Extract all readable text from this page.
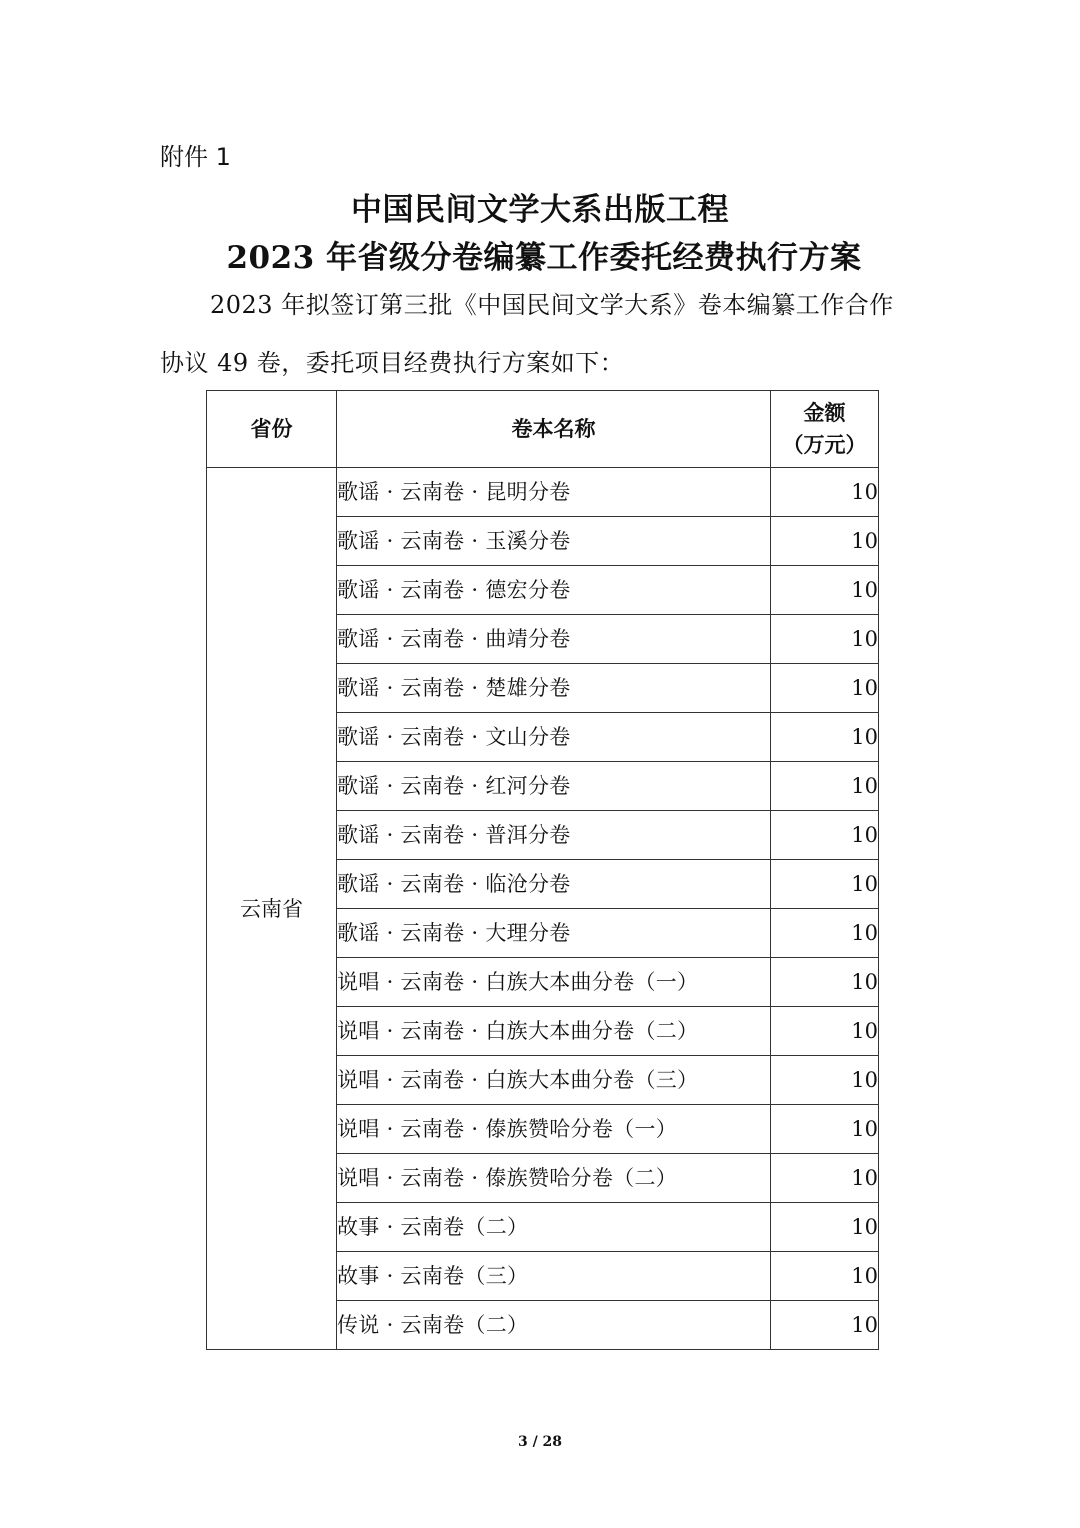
附件 1
中国民间文学大系出版工程
2023 年省级分卷编纂工作委托经费执行方案
2023 年拟签订第三批《中国民间文学大系》卷本编纂工作合作
协议 49 卷，委托项目经费执行方案如下：
省份	卷本名称	金额
（万元）

云南省	歌谣 · 云南卷 · 昆明分卷	10
	歌谣 · 云南卷 · 玉溪分卷	10
	歌谣 · 云南卷 · 德宏分卷	10
	歌谣 · 云南卷 · 曲靖分卷	10
	歌谣 · 云南卷 · 楚雄分卷	10
	歌谣 · 云南卷 · 文山分卷	10
	歌谣 · 云南卷 · 红河分卷	10
	歌谣 · 云南卷 · 普洱分卷	10
	歌谣 · 云南卷 · 临沧分卷	10
	歌谣 · 云南卷 · 大理分卷	10
	说唱 · 云南卷 · 白族大本曲分卷（一）	10
	说唱 · 云南卷 · 白族大本曲分卷（二）	10
	说唱 · 云南卷 · 白族大本曲分卷（三）	10
	说唱 · 云南卷 · 傣族赞哈分卷（一）	10
	说唱 · 云南卷 · 傣族赞哈分卷（二）	10
	故事 · 云南卷（二）	10
	故事 · 云南卷（三）	10
	传说 · 云南卷（二）	10
3 / 28
